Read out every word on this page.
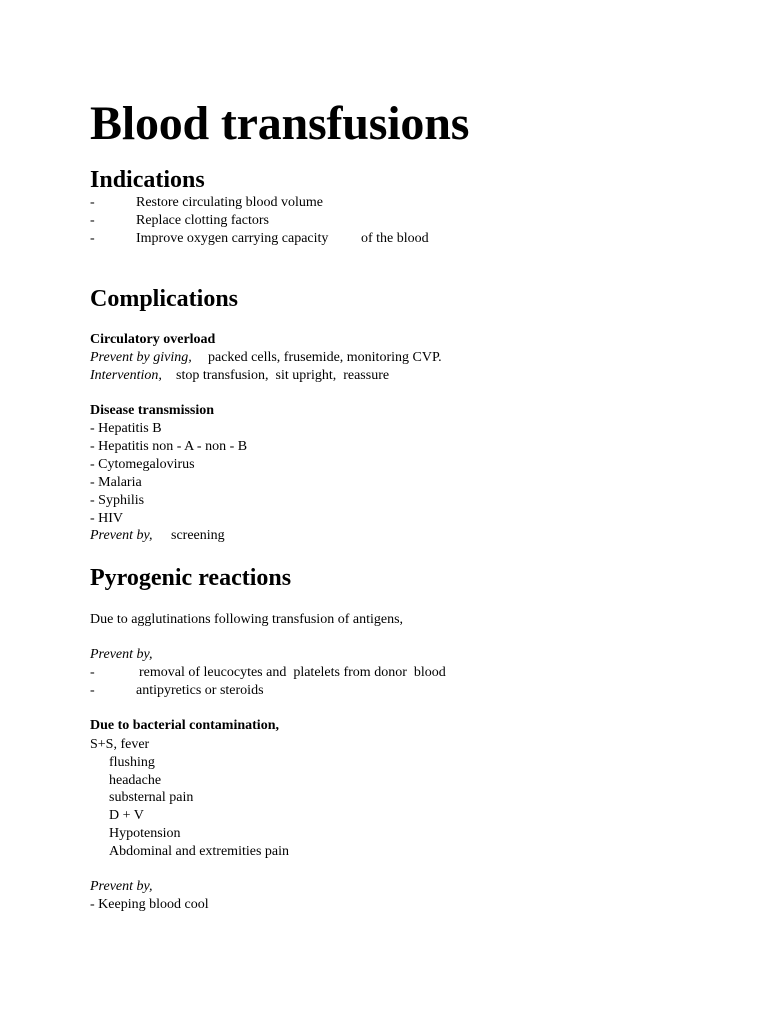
Blood transfusions
Indications
-	Restore circulating blood volume
-	Replace clotting factors
-	Improve oxygen carrying capacity of the blood
Complications
Circulatory overload
Prevent by giving, packed cells, frusemide, monitoring CVP.
Intervention, stop transfusion,  sit upright,  reassure
Disease transmission
- Hepatitis B
- Hepatitis non - A - non - B
- Cytomegalovirus
- Malaria
- Syphilis
- HIV
Prevent by, screening
Pyrogenic reactions
Due to agglutinations following transfusion of antigens,
Prevent by,
-	removal of leucocytes and  platelets from donor  blood
-	antipyretics or steroids
Due to bacterial contamination,
S+S, fever
flushing
headache
substernal pain
D + V
Hypotension
Abdominal and extremities pain
Prevent by,
- Keeping blood cool
